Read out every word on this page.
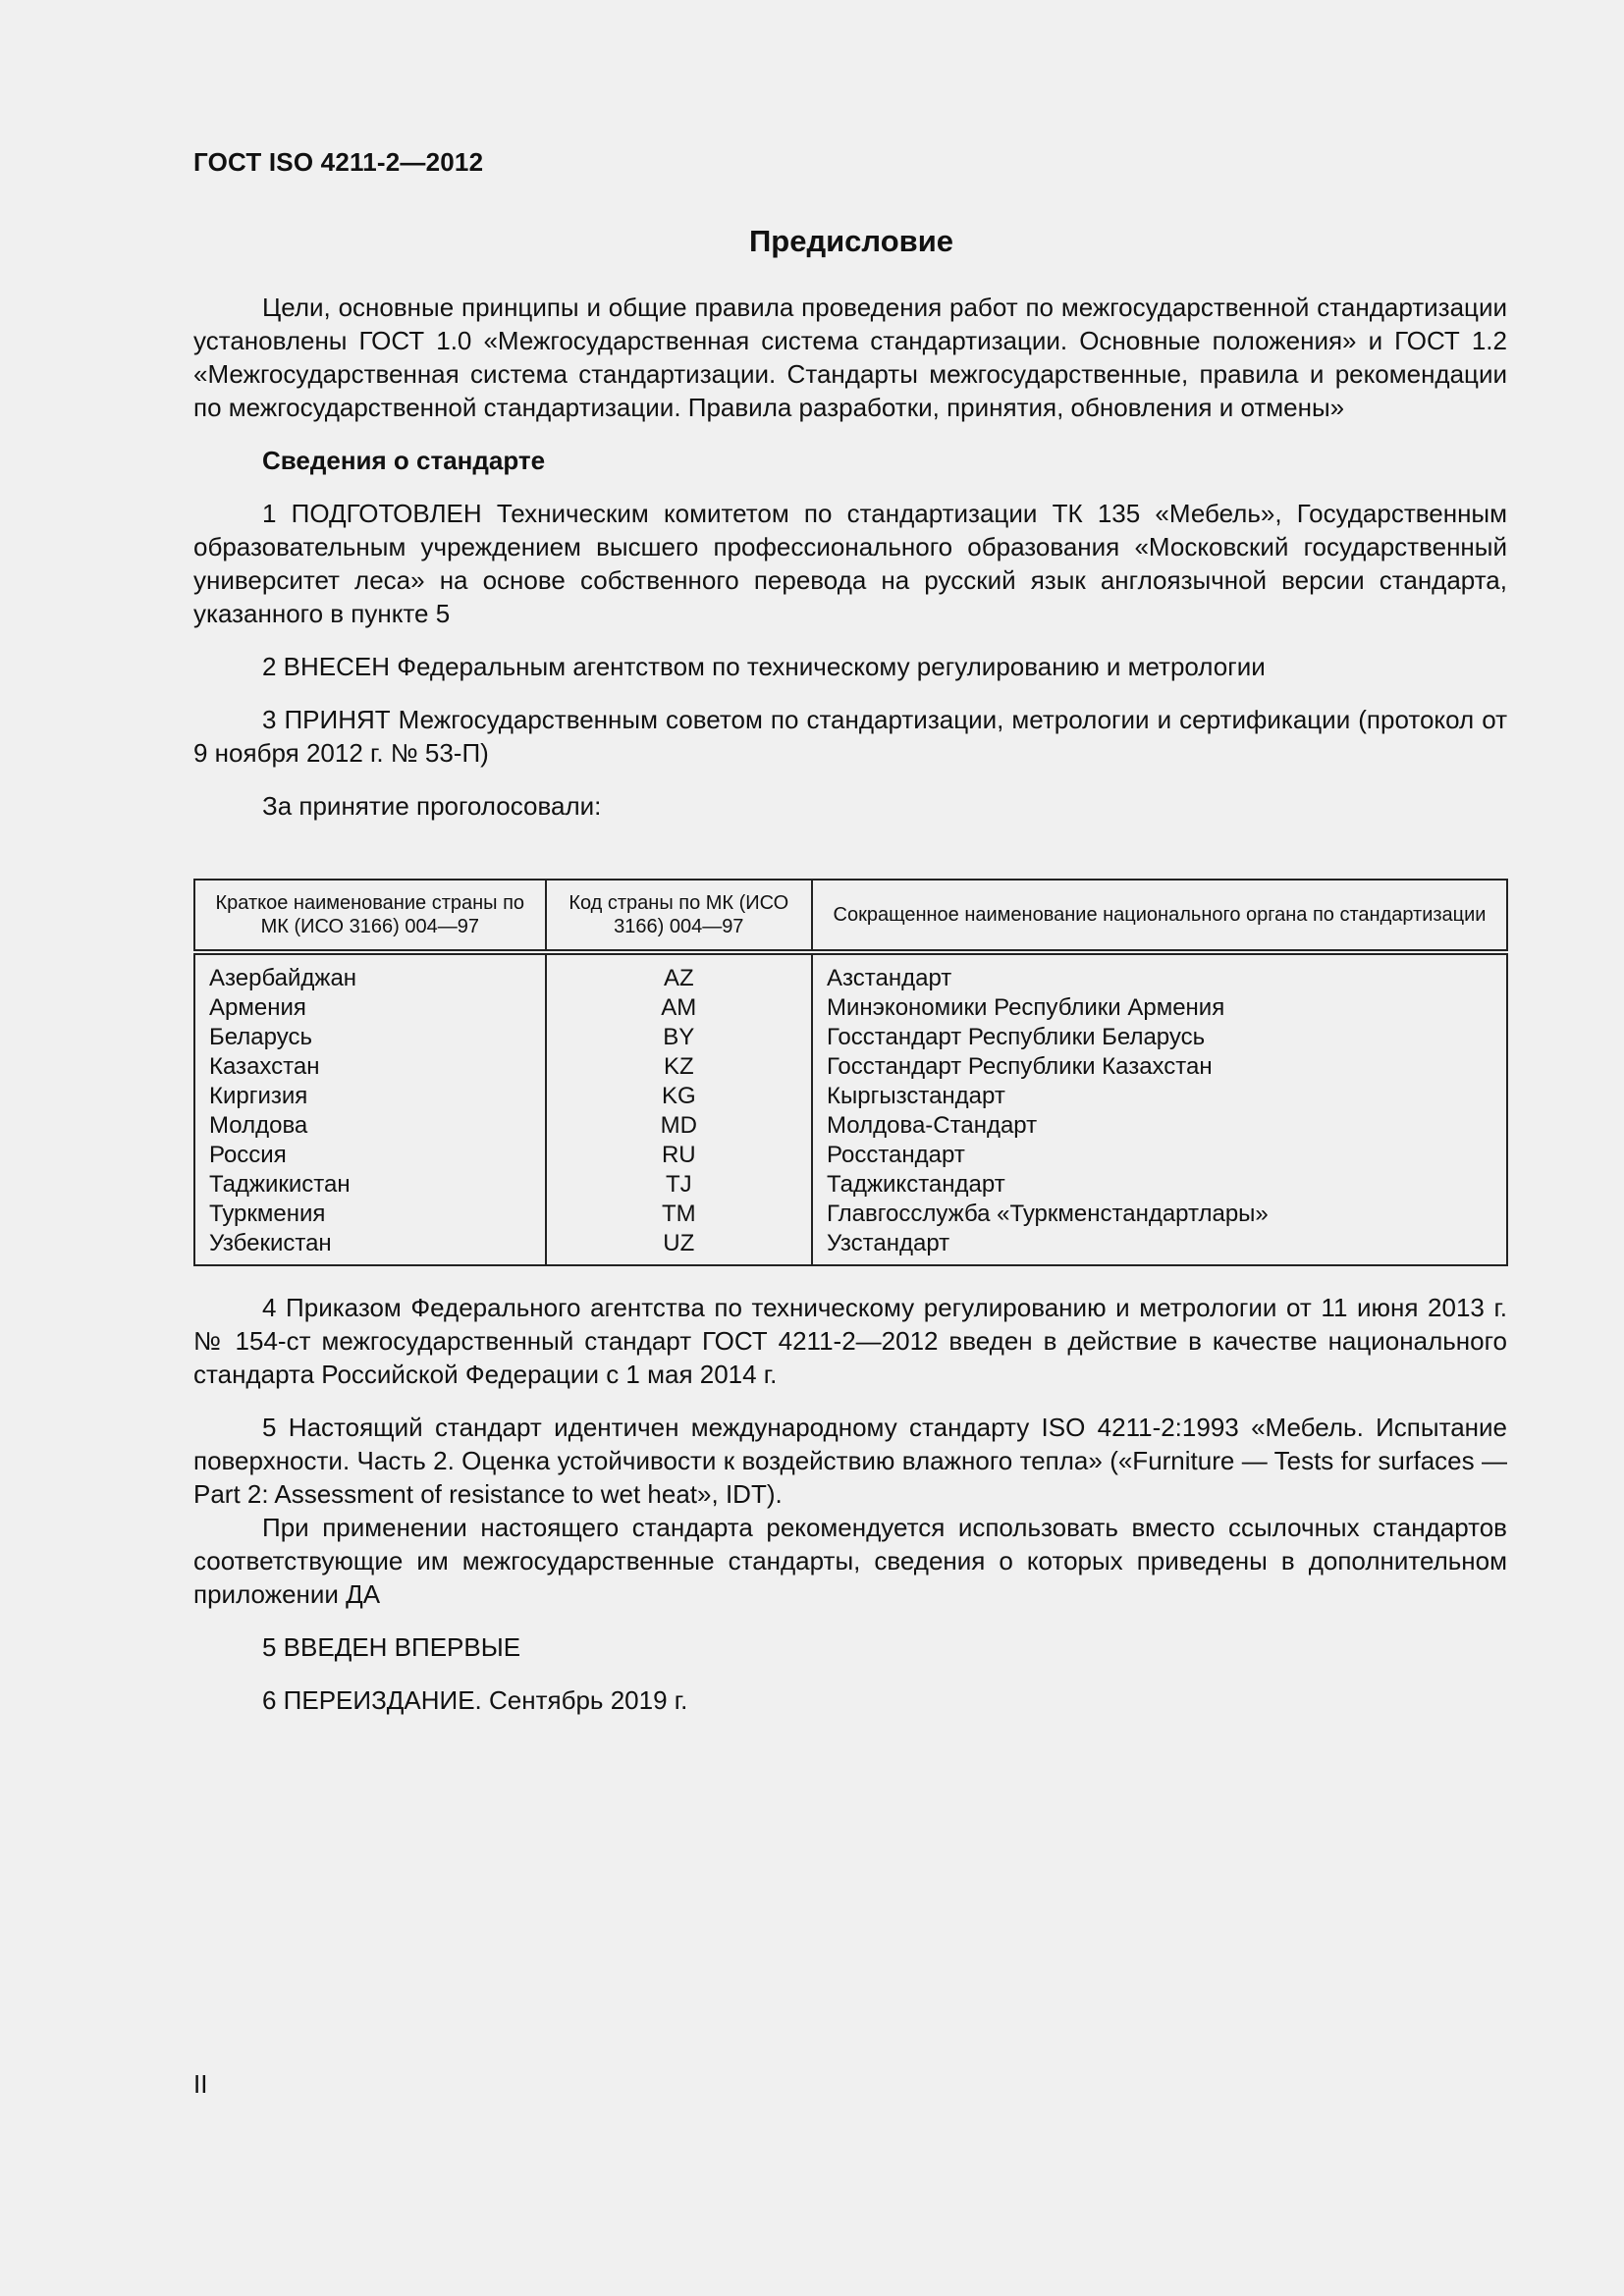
ГОСТ ISO 4211-2—2012
Предисловие

Цели, основные принципы и общие правила проведения работ по межгосударственной стандартизации установлены ГОСТ 1.0 «Межгосударственная система стандартизации. Основные положения» и ГОСТ 1.2 «Межгосударственная система стандартизации. Стандарты межгосударственные, правила и рекомендации по межгосударственной стандартизации. Правила разработки, принятия, обновления и отмены»

Сведения о стандарте

1 ПОДГОТОВЛЕН Техническим комитетом по стандартизации ТК 135 «Мебель», Государственным образовательным учреждением высшего профессионального образования «Московский государственный университет леса» на основе собственного перевода на русский язык англоязычной версии стандарта, указанного в пункте 5

2 ВНЕСЕН Федеральным агентством по техническому регулированию и метрологии

3 ПРИНЯТ Межгосударственным советом по стандартизации, метрологии и сертификации (протокол от 9 ноября 2012 г. № 53-П)

За принятие проголосовали:

Краткое наименование страны по МК (ИСО 3166) 004—97	Код страны по МК (ИСО 3166) 004—97	Сокращенное наименование национального органа по стандартизации
Азербайджан	AZ	Азстандарт
Армения	AM	Минэкономики Республики Армения
Беларусь	BY	Госстандарт Республики Беларусь
Казахстан	KZ	Госстандарт Республики Казахстан
Киргизия	KG	Кыргызстандарт
Молдова	MD	Молдова-Стандарт
Россия	RU	Росстандарт
Таджикистан	TJ	Таджикстандарт
Туркмения	TM	Главгосслужба «Туркменстандартлары»
Узбекистан	UZ	Узстандарт

4 Приказом Федерального агентства по техническому регулированию и метрологии от 11 июня 2013 г. № 154-ст межгосударственный стандарт ГОСТ 4211-2—2012 введен в действие в качестве национального стандарта Российской Федерации с 1 мая 2014 г.

5 Настоящий стандарт идентичен международному стандарту ISO 4211-2:1993 «Мебель. Испытание поверхности. Часть 2. Оценка устойчивости к воздействию влажного тепла» («Furniture — Tests for surfaces — Part 2: Assessment of resistance to wet heat», IDT).

При применении настоящего стандарта рекомендуется использовать вместо ссылочных стандартов соответствующие им межгосударственные стандарты, сведения о которых приведены в дополнительном приложении ДА

5 ВВЕДЕН ВПЕРВЫЕ

6 ПЕРЕИЗДАНИЕ. Сентябрь 2019 г.

II
